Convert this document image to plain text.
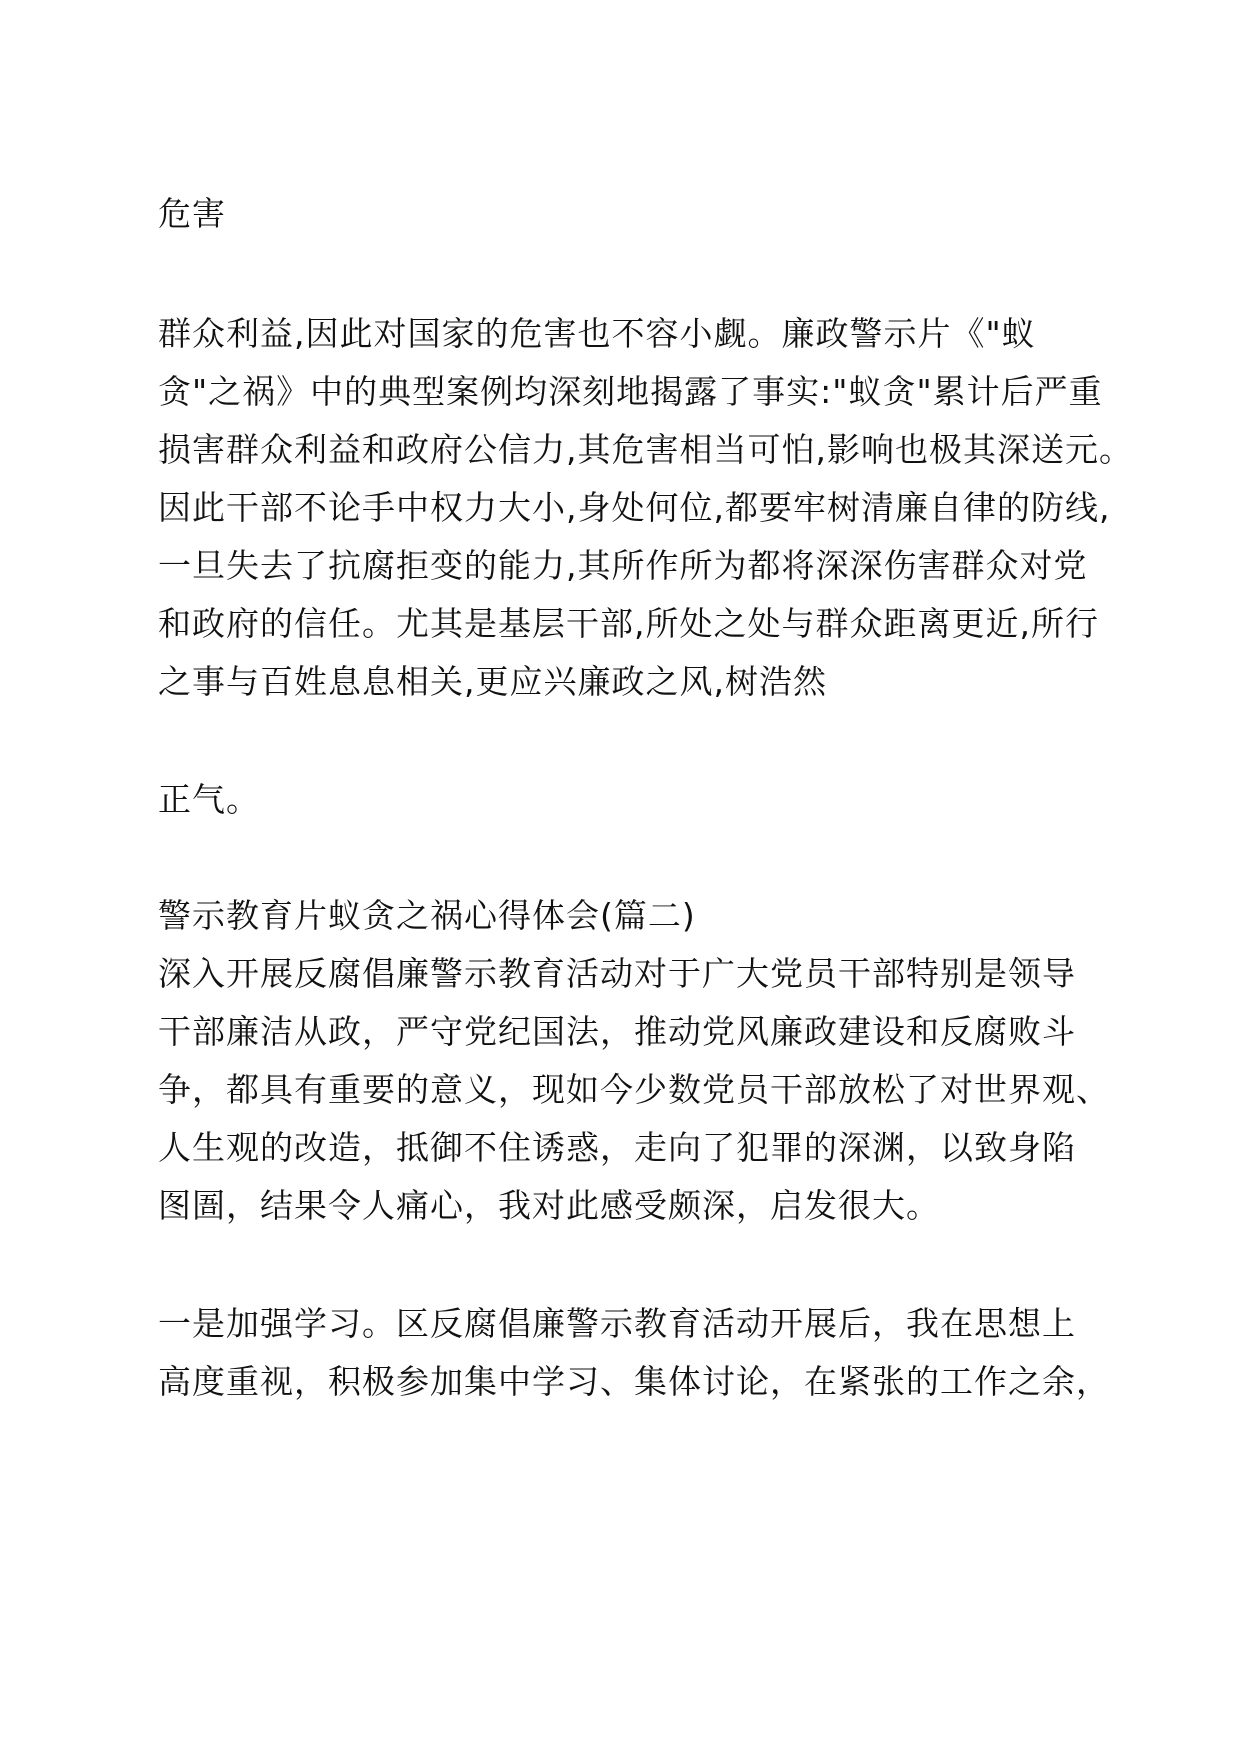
危害
群众利益,因此对国家的危害也不容小觑。廉政警示片《"蚁
贪"之祸》中的典型案例均深刻地揭露了事实:"蚁贪"累计后严重
损害群众利益和政府公信力,其危害相当可怕,影响也极其深送元。
因此干部不论手中权力大小,身处何位,都要牢树清廉自律的防线,
一旦失去了抗腐拒变的能力,其所作所为都将深深伤害群众对党
和政府的信任。尤其是基层干部,所处之处与群众距离更近,所行
之事与百姓息息相关,更应兴廉政之风,树浩然
正气。
警示教育片蚁贪之祸心得体会(篇二)
深入开展反腐倡廉警示教育活动对于广大党员干部特别是领导
干部廉洁从政，严守党纪国法，推动党风廉政建设和反腐败斗
争，都具有重要的意义，现如今少数党员干部放松了对世界观、
人生观的改造，抵御不住诱惑，走向了犯罪的深渊，以致身陷
图圄，结果令人痛心，我对此感受颇深，启发很大。
一是加强学习。区反腐倡廉警示教育活动开展后，我在思想上
高度重视，积极参加集中学习、集体讨论，在紧张的工作之余，
